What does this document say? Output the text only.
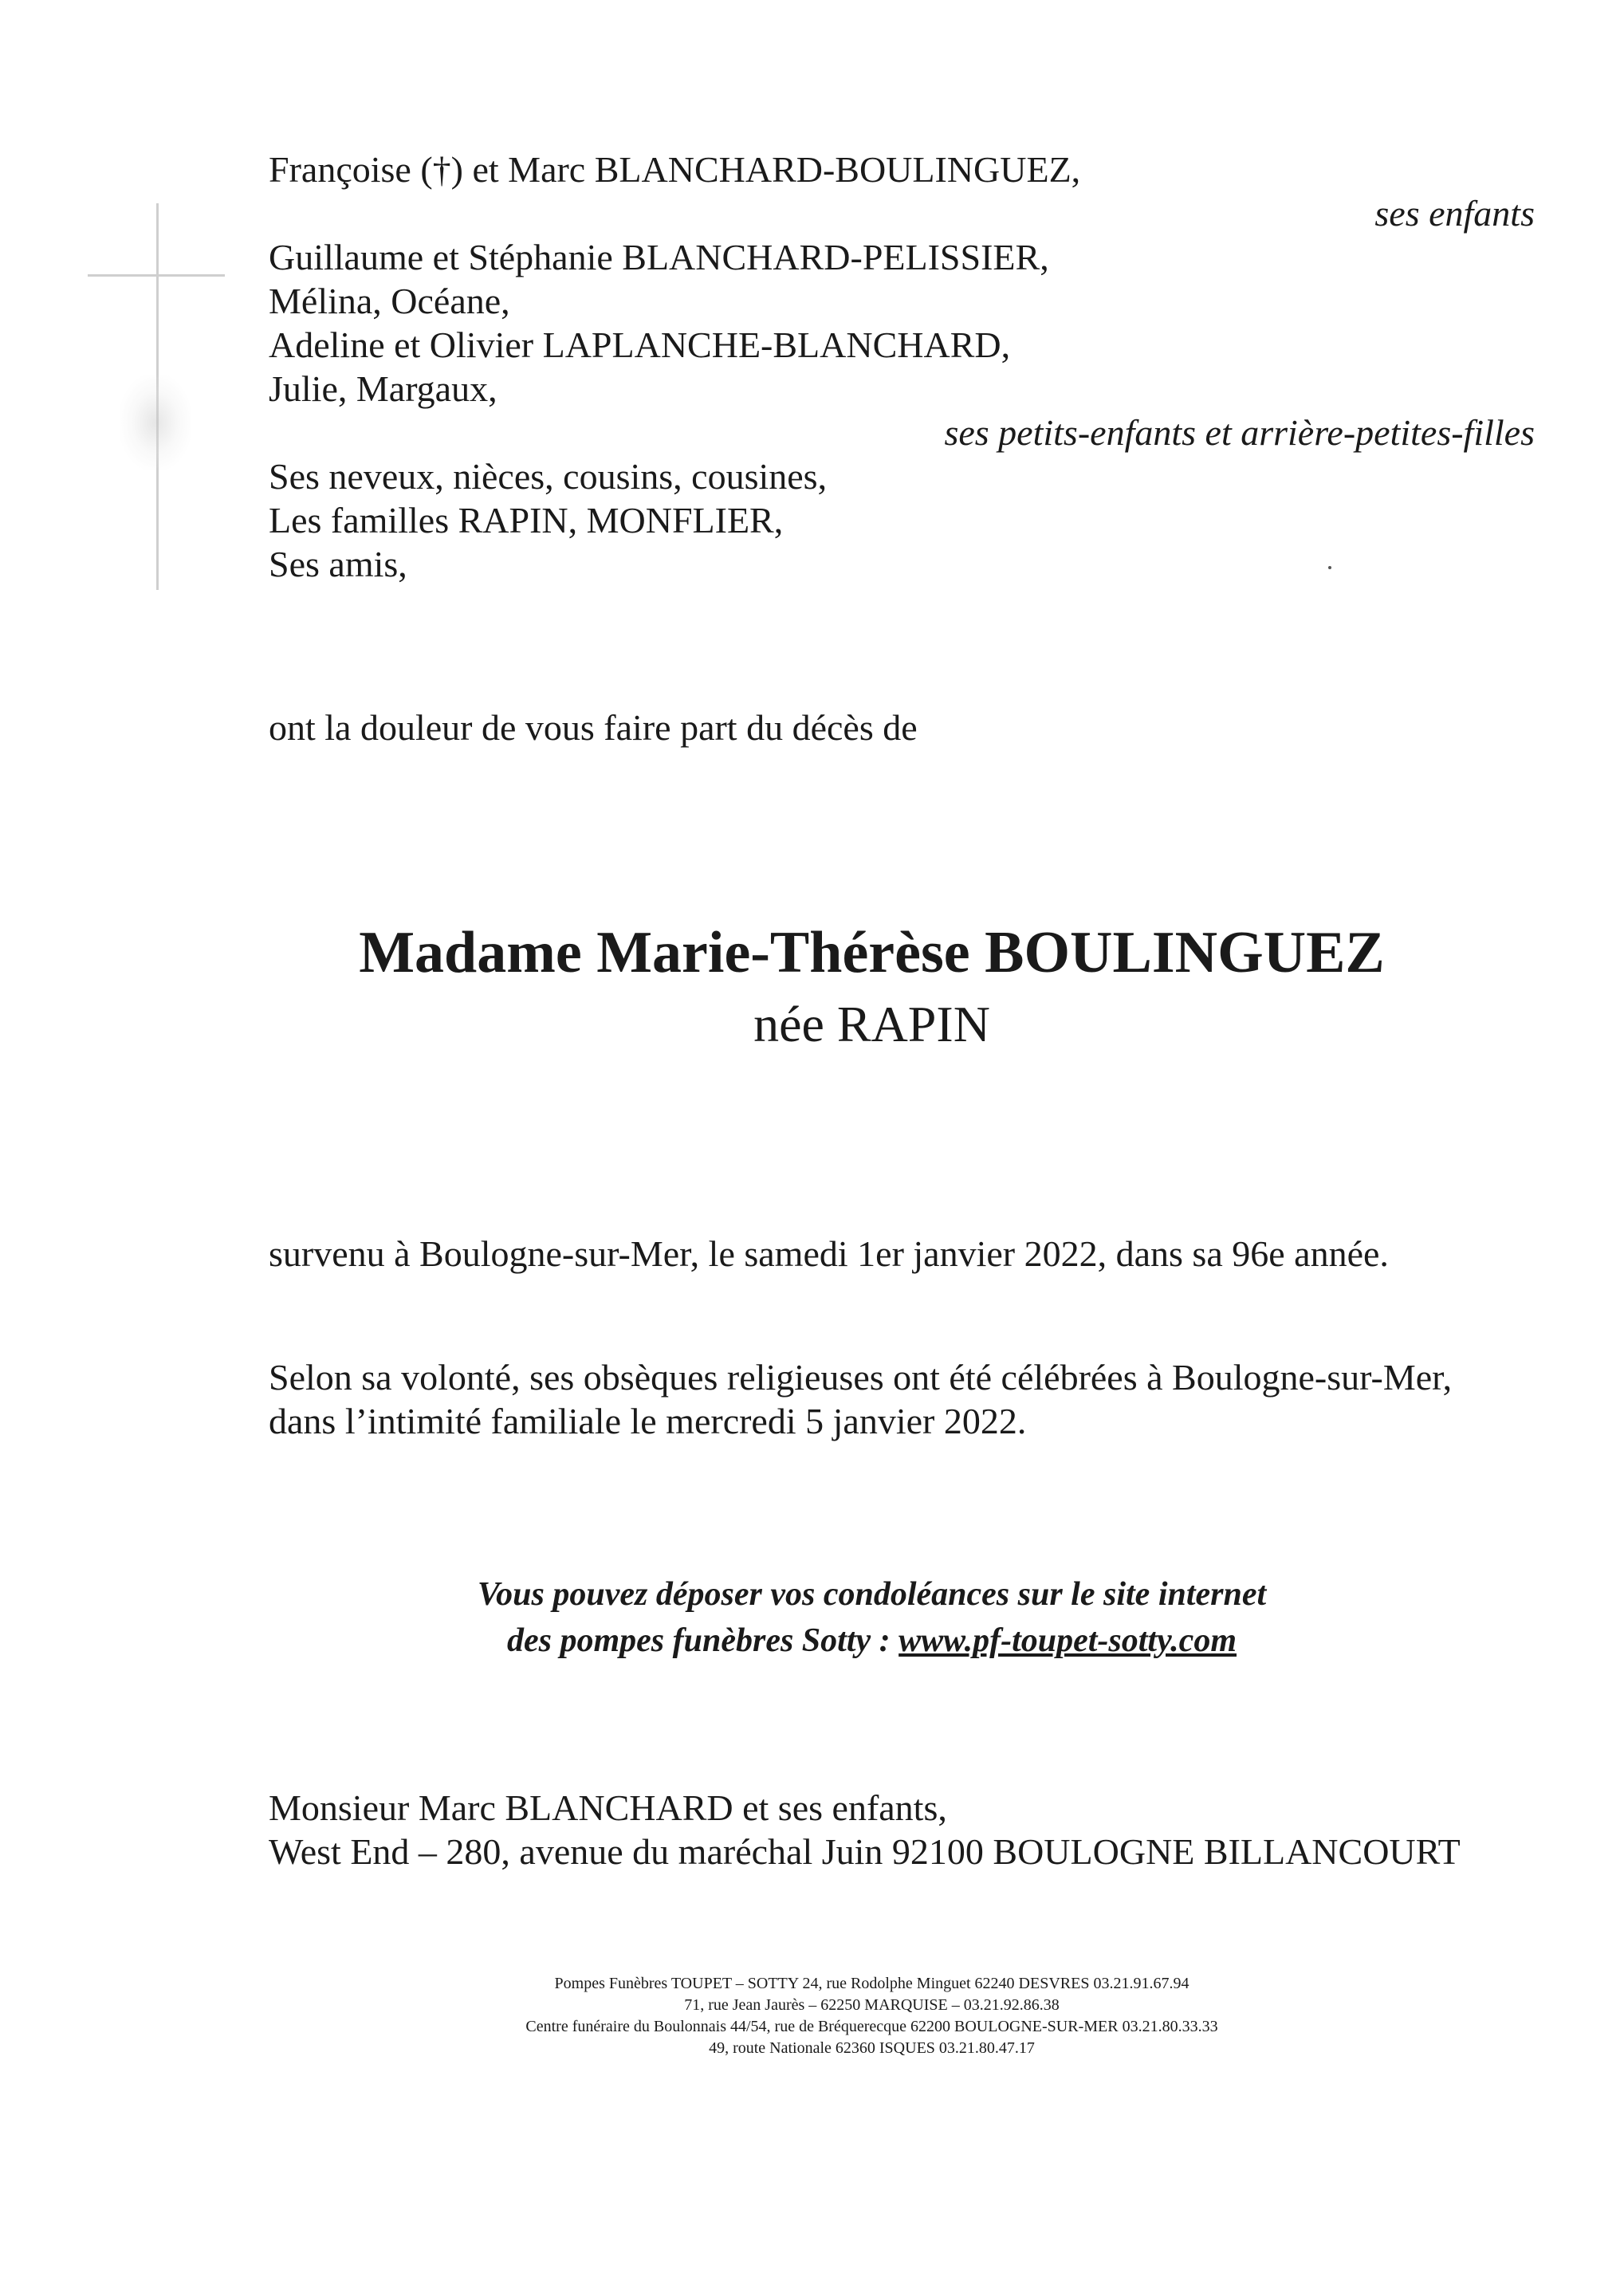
Françoise (†) et Marc BLANCHARD-BOULINGUEZ,
ses enfants
Guillaume et Stéphanie BLANCHARD-PELISSIER,
Mélina, Océane,
Adeline et Olivier LAPLANCHE-BLANCHARD,
Julie, Margaux,
ses petits-enfants et arrière-petites-filles
Ses neveux, nièces, cousins, cousines,
Les familles RAPIN, MONFLIER,
Ses amis,
ont la douleur de vous faire part du décès de
Madame Marie-Thérèse BOULINGUEZ
née RAPIN
survenu à Boulogne-sur-Mer, le samedi 1er janvier 2022, dans sa 96e année.
Selon sa volonté, ses obsèques religieuses ont été célébrées à Boulogne-sur-Mer,
dans l’intimité familiale le mercredi 5 janvier 2022.
Vous pouvez déposer vos condoléances sur le site internet
des pompes funèbres Sotty : www.pf-toupet-sotty.com
Monsieur Marc BLANCHARD et ses enfants,
West End – 280, avenue du maréchal Juin 92100 BOULOGNE BILLANCOURT
Pompes Funèbres TOUPET – SOTTY 24, rue Rodolphe Minguet 62240 DESVRES 03.21.91.67.94
71, rue Jean Jaurès – 62250 MARQUISE – 03.21.92.86.38
Centre funéraire du Boulonnais 44/54, rue de Bréquerecque 62200 BOULOGNE-SUR-MER 03.21.80.33.33
49, route Nationale 62360 ISQUES 03.21.80.47.17
